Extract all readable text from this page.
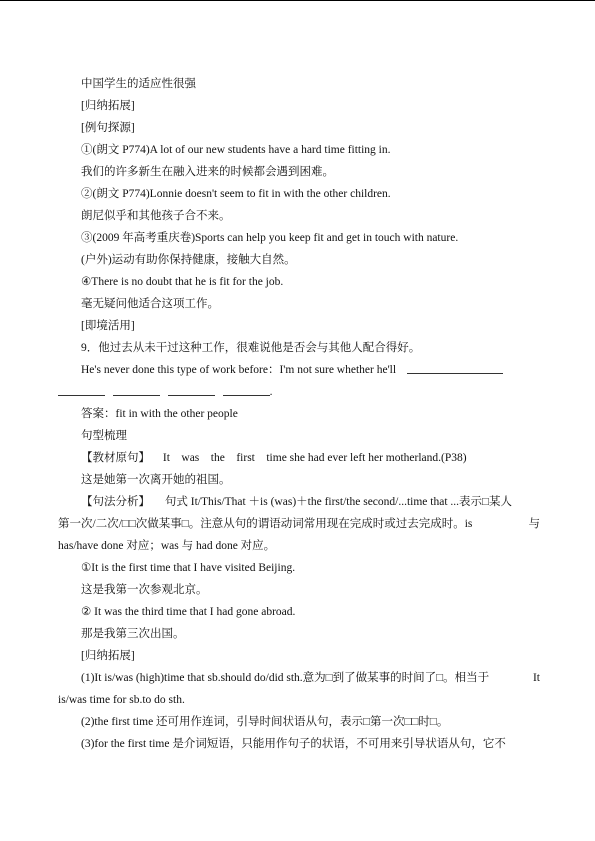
中国学生的适应性很强
[归纳拓展]
[例句探源]
①(朗文 P774)A lot of our new students have a hard time fitting in.
我们的许多新生在融入进来的时候都会遇到困难。
②(朗文 P774)Lonnie doesn't seem to fit in with the other children.
朗尼似乎和其他孩子合不来。
③(2009 年高考重庆卷)Sports can help you keep fit and get in touch with nature.
(户外)运动有助你保持健康，接触大自然。
④There is no doubt that he is fit for the job.
毫无疑问他适合这项工作。
[即境活用]
9．他过去从未干过这种工作，很难说他是否会与其他人配合得好。
He's never done this type of work before：I'm not sure whether he'll
.
答案：fit in with the other people
句型梳理
【教材原句】 It    was    the    first    time she had ever left her motherland.(P38)
这是她第一次离开她的祖国。
【句法分析】 句式 It/This/That ＋is (was)＋the first/the second/...time that ...表示□某人
第一次/二次/□□次做某事□。注意从句的谓语动词常用现在完成时或过去完成时。is	与
has/have done 对应；was 与 had done 对应。
①It is the first time that I have visited Beijing.
这是我第一次参观北京。
② It was the third time that I had gone abroad.
那是我第三次出国。
[归纳拓展]
(1)It is/was (high)time that sb.should do/did sth.意为□到了做某事的时间了□。相当于	It
is/was time for sb.to do sth.
(2)the first time 还可用作连词，引导时间状语从句，表示□第一次□□时□。
(3)for the first time 是介词短语，只能用作句子的状语，不可用来引导状语从句，它不
